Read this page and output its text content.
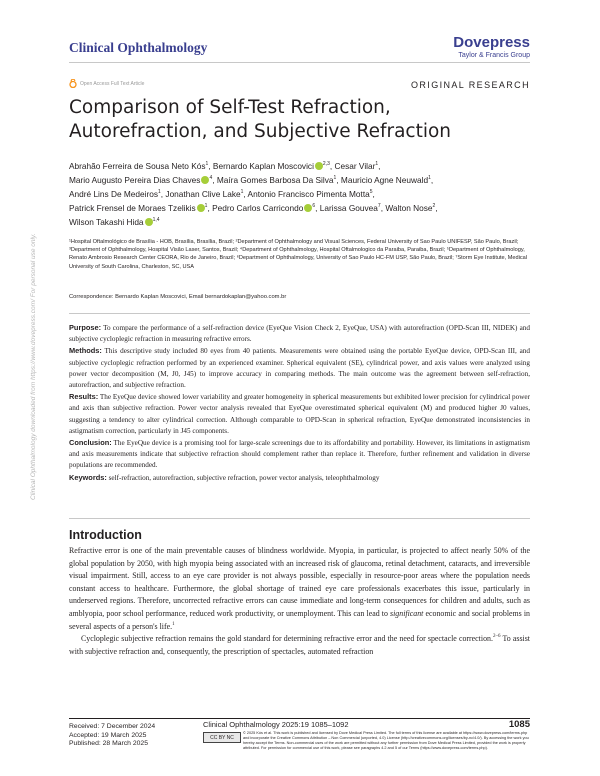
Clinical Ophthalmology	Dovepress
Taylor & Francis Group
Open Access Full Text Article	ORIGINAL RESEARCH
Comparison of Self-Test Refraction,
Autorefraction, and Subjective Refraction
Abrahão Ferreira de Sousa Neto Kós$^1$, Bernardo Kaplan Moscovici $^{2,3}$, Cesar Vilar$^1$,
Mario Augusto Pereira Dias Chaves $^4$, Maíra Gomes Barbosa Da Silva$^1$, Mauricio Agne Neuwald$^1$,
André Lins De Medeiros$^1$, Jonathan Clive Lake$^1$, Antonio Francisco Pimenta Motta$^5$,
Patrick Frensel de Moraes Tzelikis $^1$, Pedro Carlos Carricondo $^6$, Larissa Gouvea$^7$, Walton Nose$^2$,
Wilson Takashi Hida $^{1,4}$
¹Hospital Oftalmológico de Brasília - HOB, Brasília, Brasília, Brazil; ²Department of Ophthalmology and Visual Sciences, Federal University of Sao Paulo UNIFESP, São Paulo, Brazil; ³Department of Ophthalmology, Hospital Visão Laser, Santos, Brazil; ⁴Department of Ophthalmology, Hospital Oftalmologico da Paraiba, Paraiba, Brazil; ⁵Department of Ophthalmology, Renato Ambrosio Research Center CEORA, Rio de Janeiro, Brazil; ⁶Department of Ophthalmology, University of Sao Paulo HC-FM USP, São Paulo, Brazil; ⁷Storm Eye Institute, Medical University of South Carolina, Charleston, SC, USA
Correspondence: Bernardo Kaplan Moscovici, Email bernardokaplan@yahoo.com.br

Purpose: To compare the performance of a self-refraction device (EyeQue Vision Check 2, EyeQue, USA) with autorefraction (OPD-Scan III, NIDEK) and subjective cycloplegic refraction in measuring refractive errors.

Methods: This descriptive study included 80 eyes from 40 patients. Measurements were obtained using the portable EyeQue device, OPD-Scan III, and subjective cycloplegic refraction performed by an experienced examiner. Spherical equivalent (SE), cylindrical power, and axis values were analyzed using power vector decomposition (M, J0, J45) to improve accuracy in comparing methods. The main outcome was the agreement between self-refraction, autorefraction, and subjective refraction.

Results: The EyeQue device showed lower variability and greater homogeneity in spherical measurements but exhibited lower precision for cylindrical power and axis than subjective refraction. Power vector analysis revealed that EyeQue overestimated spherical equivalent (M) and produced higher J0 values, suggesting a tendency to alter cylindrical correction. Although comparable to OPD-Scan in spherical refraction, EyeQue demonstrated inconsistencies in astigmatism correction, particularly in J45 components.

Conclusion: The EyeQue device is a promising tool for large-scale screenings due to its affordability and portability. However, its limitations in astigmatism and axis measurements indicate that subjective refraction should complement rather than replace it. Therefore, further refinement and validation in diverse populations are recommended.

Keywords: self-refraction, autorefraction, subjective refraction, power vector analysis, teleophthalmology

Introduction

Refractive error is one of the main preventable causes of blindness worldwide. Myopia, in particular, is projected to affect nearly 50% of the global population by 2050, with high myopia being associated with an increased risk of glaucoma, retinal detachment, cataracts, and irreversible visual impairment. Still, access to an eye care provider is not always possible, especially in resource-poor areas where the population needs constant access to healthcare. Furthermore, the global shortage of trained eye care professionals exacerbates this issue, particularly in underserved regions. Therefore, uncorrected refractive errors can cause immediate and long-term consequences for children and adults, such as amblyopia, poor school performance, reduced work productivity, or unemployment. This can lead to significant economic and social problems in several aspects of a person's life.$^1$

Cycloplegic subjective refraction remains the gold standard for determining refractive error and the need for spectacle correction.$^{2-6}$ To assist with subjective refraction and, consequently, the prescription of spectacles, automated refraction

Clinical Ophthalmology downloaded from https://www.dovepress.com/ For personal use only.
Received: 7 December 2024
Accepted: 19 March 2025
Published: 28 March 2025
Clinical Ophthalmology 2025:19 1085–1092	1085
CC BY NC
© 2025 Kós et al. This work is published and licensed by Dove Medical Press Limited. The full terms of this license are available at https://www.dovepress.com/terms.php and incorporate the Creative Commons Attribution – Non Commercial (unported, 4.0) License (http://creativecommons.org/licenses/by-nc/4.0/). By accessing the work you hereby accept the Terms. Non-commercial uses of the work are permitted without any further permission from Dove Medical Press Limited, provided the work is properly attributed. For permission for commercial use of this work, please see paragraphs 4.2 and 5 of our Terms (https://www.dovepress.com/terms.php).
